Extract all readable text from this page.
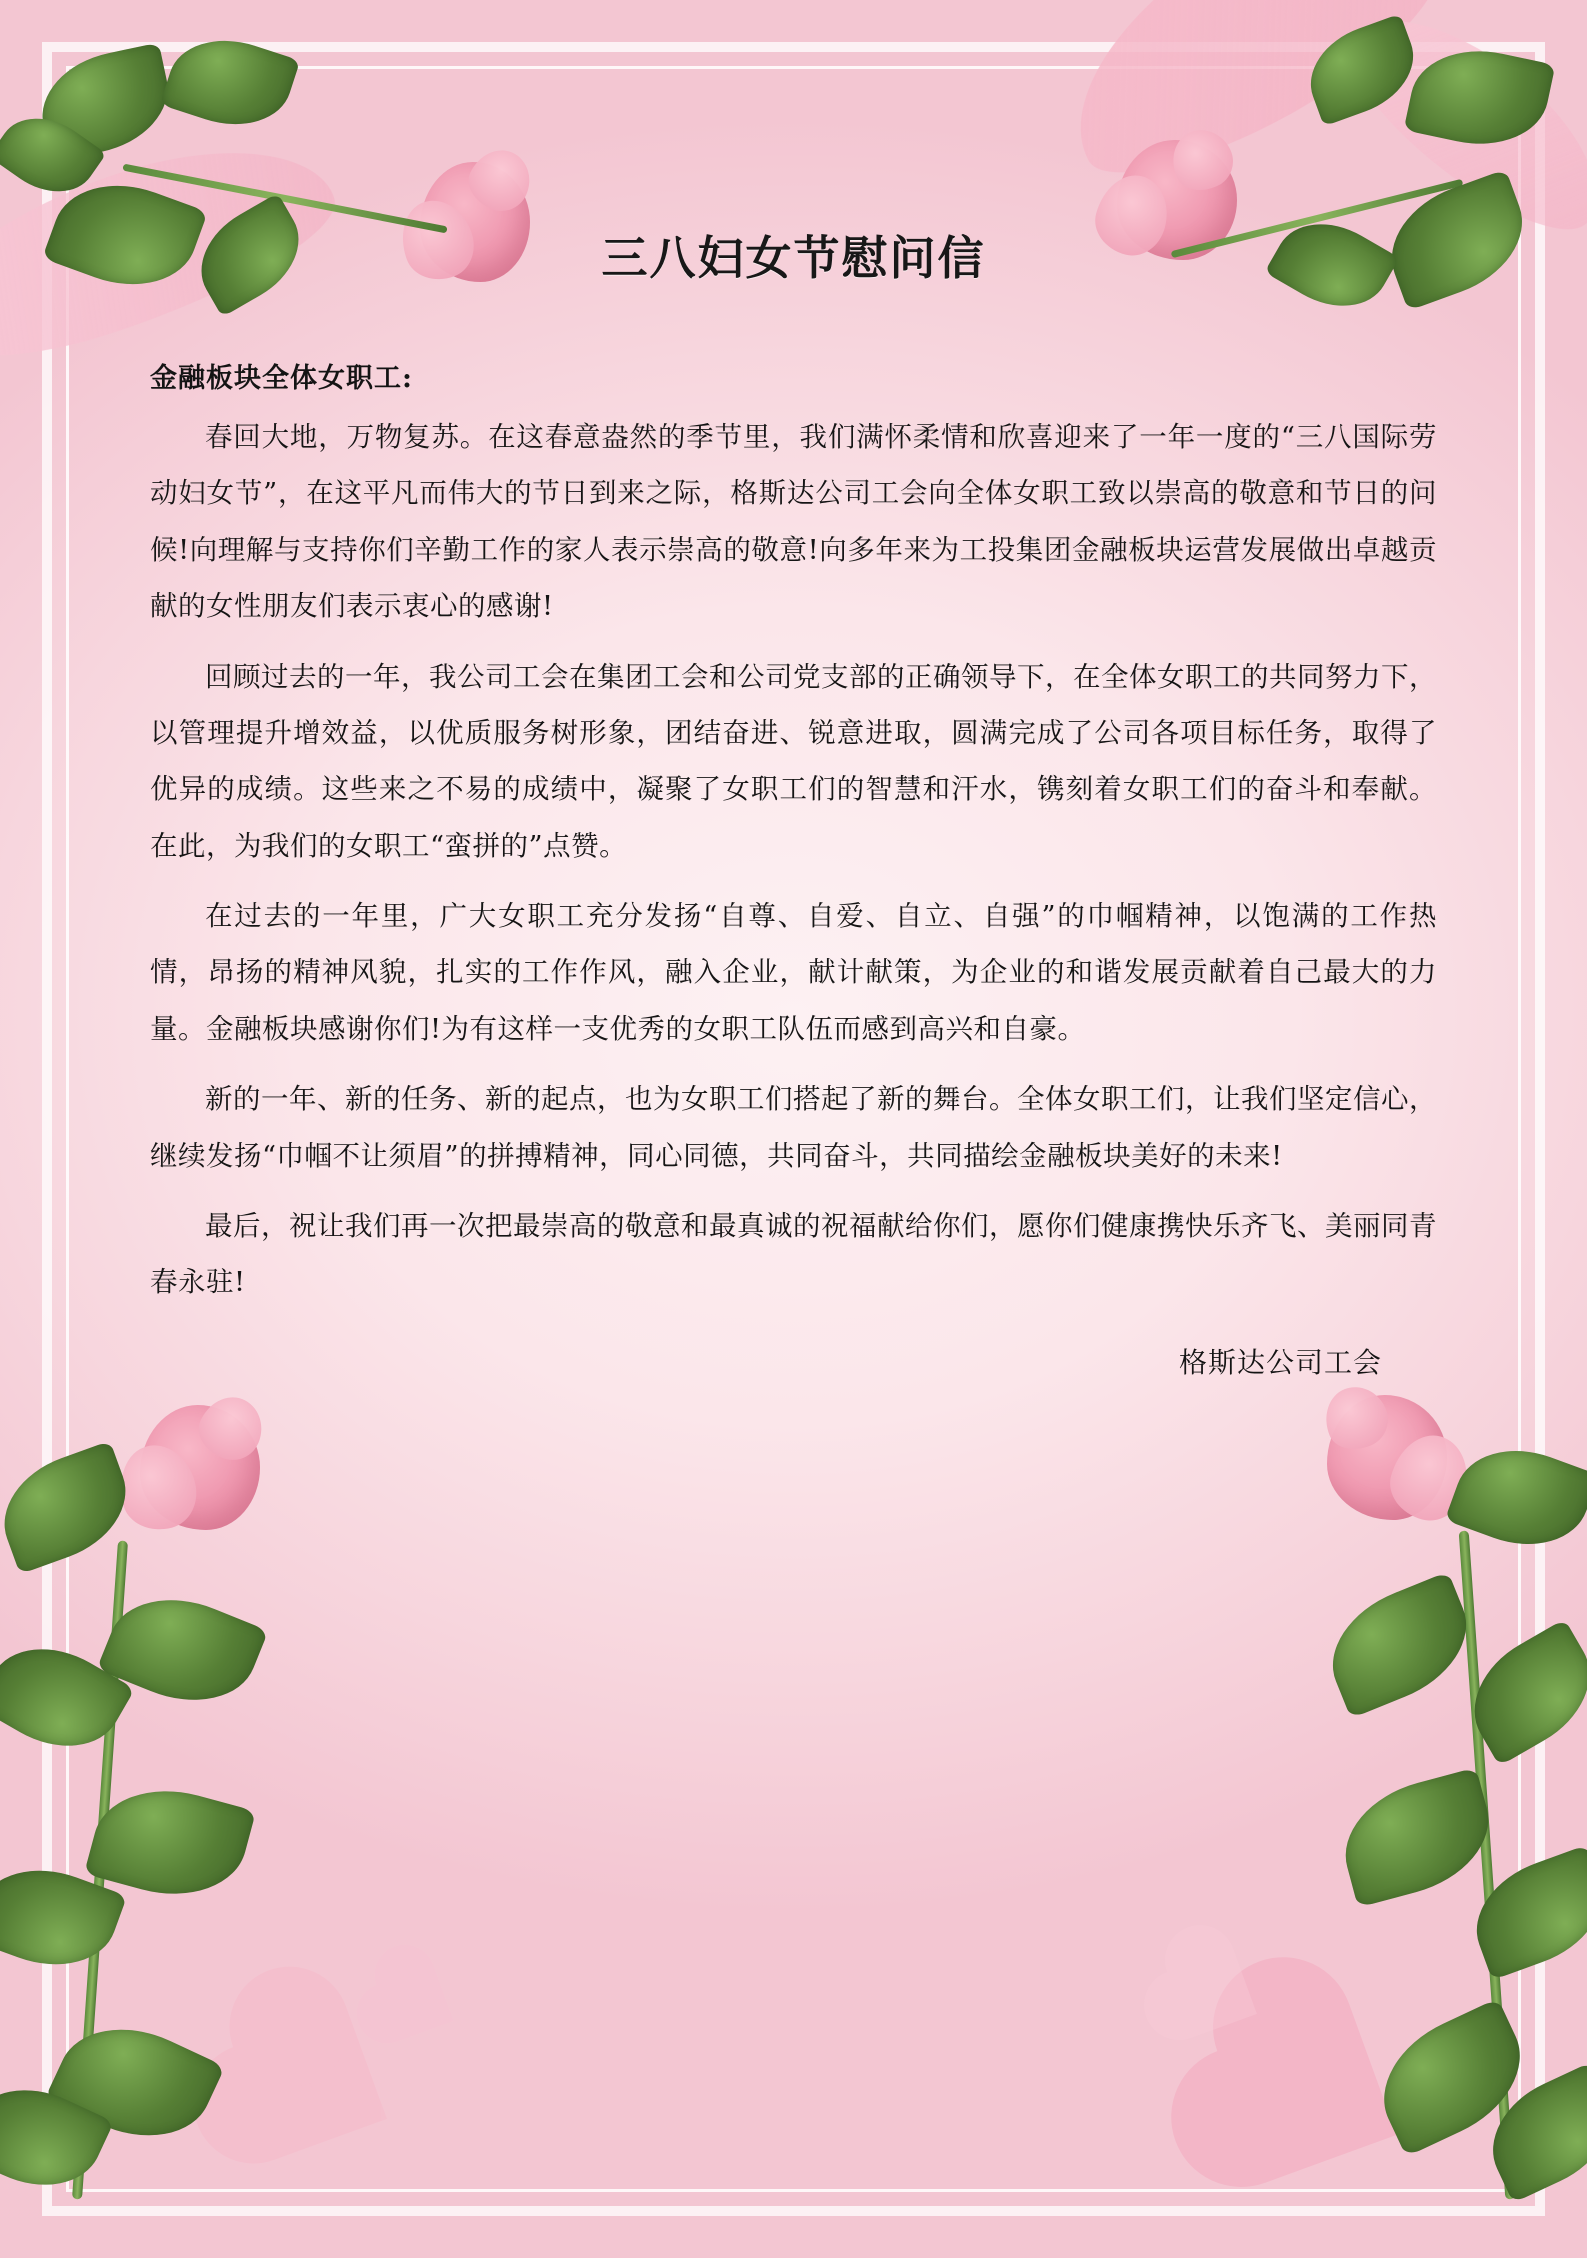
三八妇女节慰问信

金融板块全体女职工:

春回大地，万物复苏。在这春意盎然的季节里，我们满怀柔情和欣喜迎来了一年一度的“三八国际劳动妇女节”，在这平凡而伟大的节日到来之际，格斯达公司工会向全体女职工致以崇高的敬意和节日的问候!向理解与支持你们辛勤工作的家人表示崇高的敬意!向多年来为工投集团金融板块运营发展做出卓越贡献的女性朋友们表示衷心的感谢!

回顾过去的一年，我公司工会在集团工会和公司党支部的正确领导下，在全体女职工的共同努力下，以管理提升增效益，以优质服务树形象，团结奋进、锐意进取，圆满完成了公司各项目标任务，取得了优异的成绩。这些来之不易的成绩中，凝聚了女职工们的智慧和汗水，镌刻着女职工们的奋斗和奉献。在此，为我们的女职工“蛮拼的”点赞。

在过去的一年里，广大女职工充分发扬“自尊、自爱、自立、自强”的巾帼精神，以饱满的工作热情，昂扬的精神风貌，扎实的工作作风，融入企业，献计献策，为企业的和谐发展贡献着自己最大的力量。金融板块感谢你们!为有这样一支优秀的女职工队伍而感到高兴和自豪。

新的一年、新的任务、新的起点，也为女职工们搭起了新的舞台。全体女职工们，让我们坚定信心，继续发扬“巾帼不让须眉”的拼搏精神，同心同德，共同奋斗，共同描绘金融板块美好的未来!

最后，祝让我们再一次把最崇高的敬意和最真诚的祝福献给你们，愿你们健康携快乐齐飞、美丽同青春永驻!

格斯达公司工会
